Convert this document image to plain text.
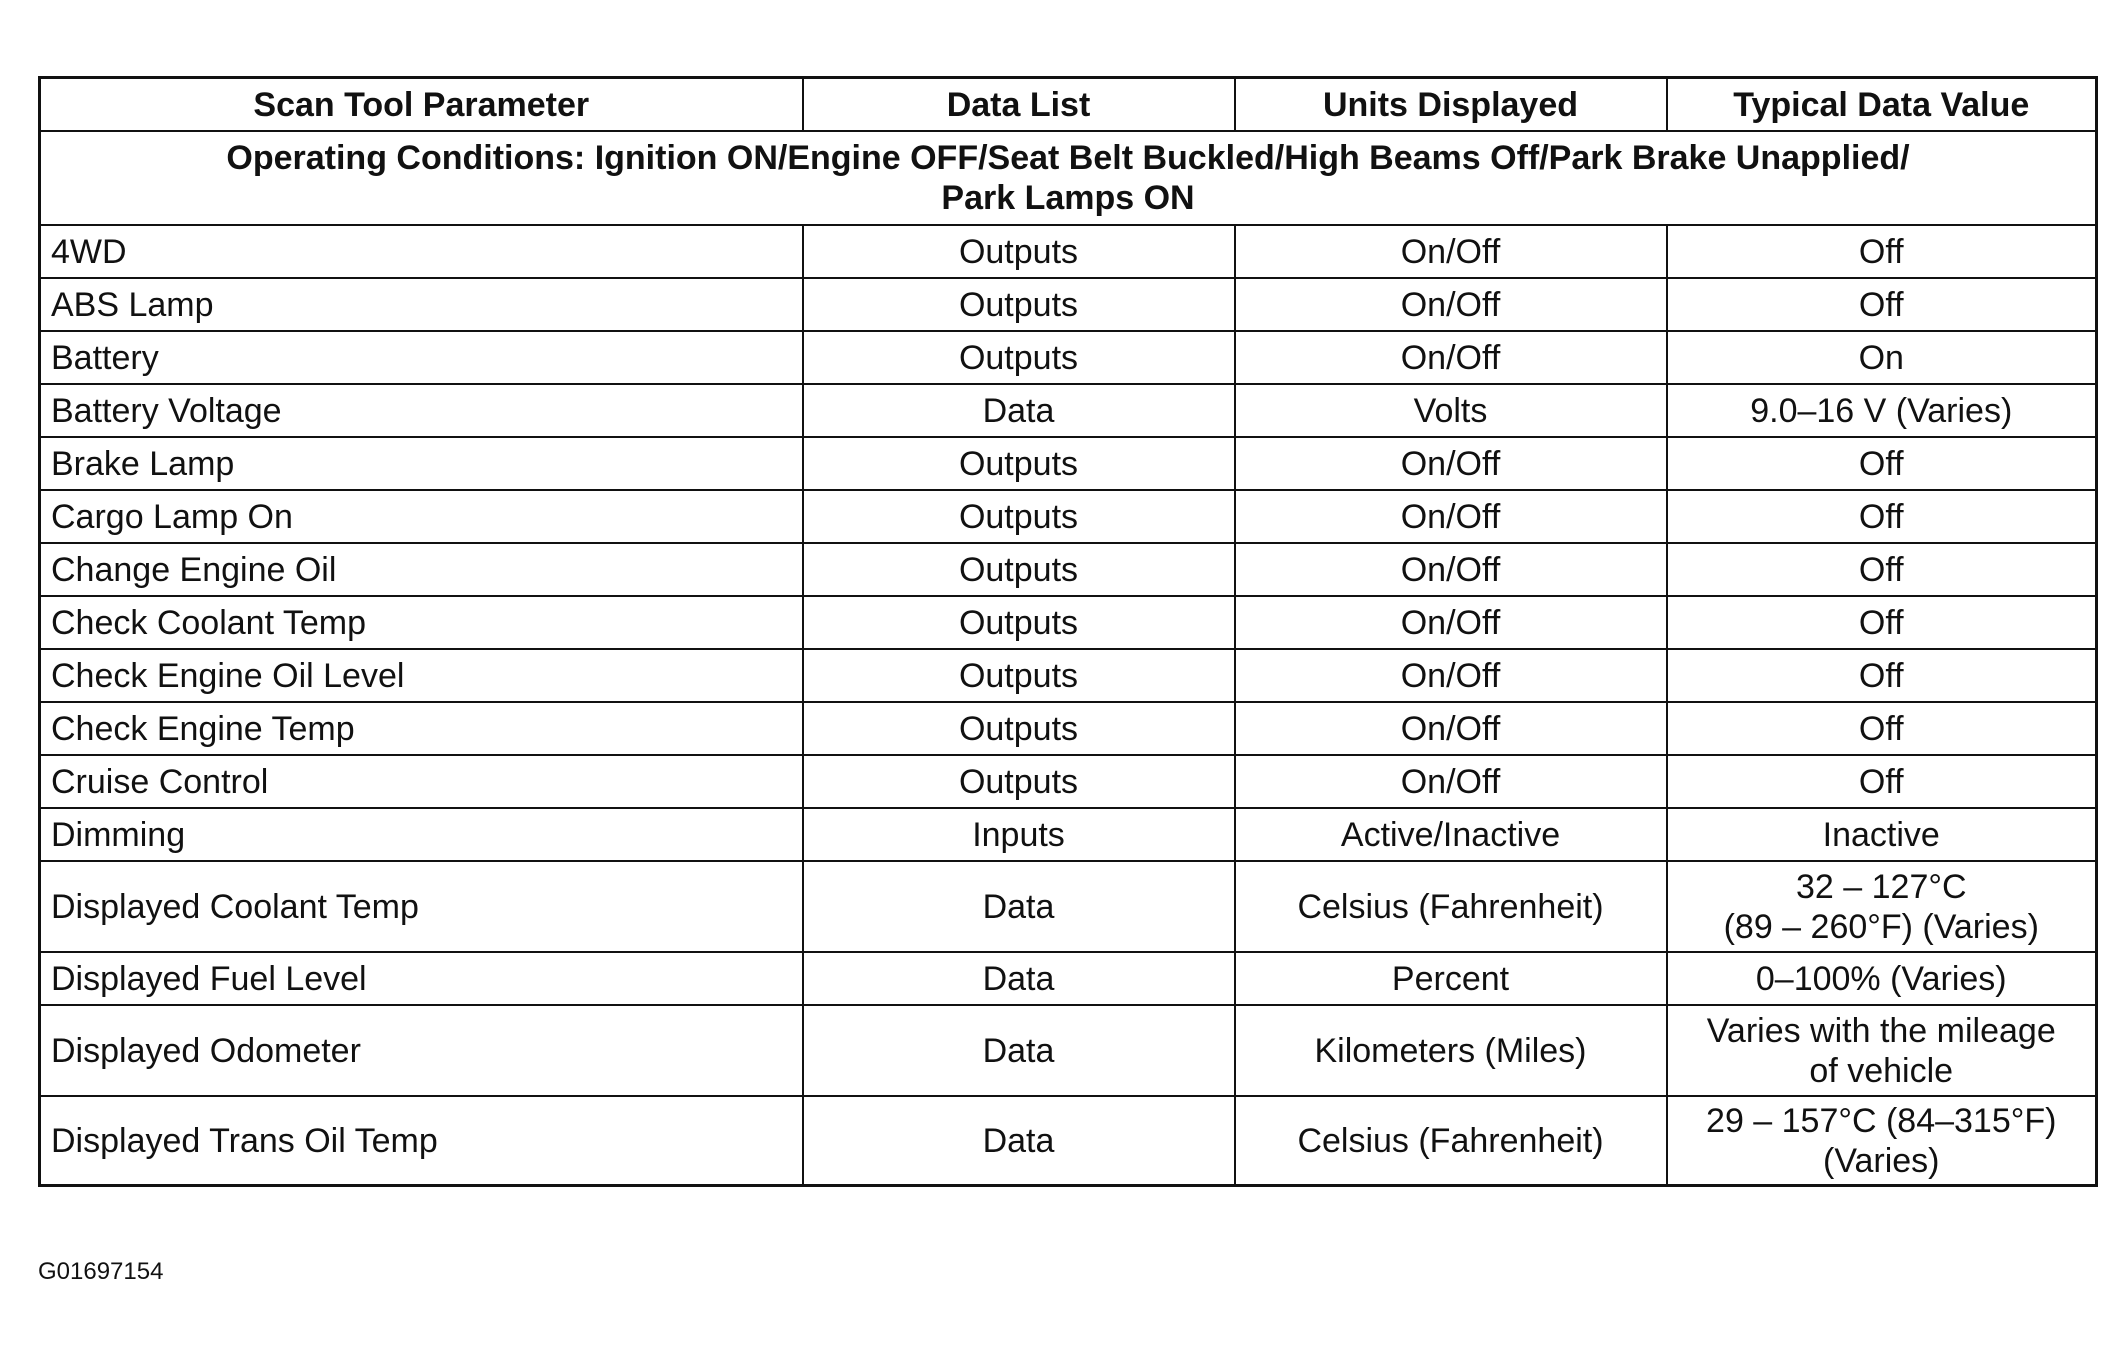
Scan Tool Parameter	Data List	Units Displayed	Typical Data Value

Operating Conditions: Ignition ON/Engine OFF/Seat Belt Buckled/High Beams Off/Park Brake Unapplied/
Park Lamps ON			

4WD	Outputs	On/Off	Off
ABS Lamp	Outputs	On/Off	Off
Battery	Outputs	On/Off	On
Battery Voltage	Data	Volts	9.0–16 V (Varies)
Brake Lamp	Outputs	On/Off	Off
Cargo Lamp On	Outputs	On/Off	Off
Change Engine Oil	Outputs	On/Off	Off
Check Coolant Temp	Outputs	On/Off	Off
Check Engine Oil Level	Outputs	On/Off	Off
Check Engine Temp	Outputs	On/Off	Off
Cruise Control	Outputs	On/Off	Off
Dimming	Inputs	Active/Inactive	Inactive
Displayed Coolant Temp	Data	Celsius (Fahrenheit)	32 – 127°C
(89 – 260°F) (Varies)

Displayed Fuel Level	Data	Percent	0–100% (Varies)
Displayed Odometer	Data	Kilometers (Miles)	Varies with the mileage
of vehicle

Displayed Trans Oil Temp	Data	Celsius (Fahrenheit)	29 – 157°C (84–315°F)
(Varies)
G01697154
